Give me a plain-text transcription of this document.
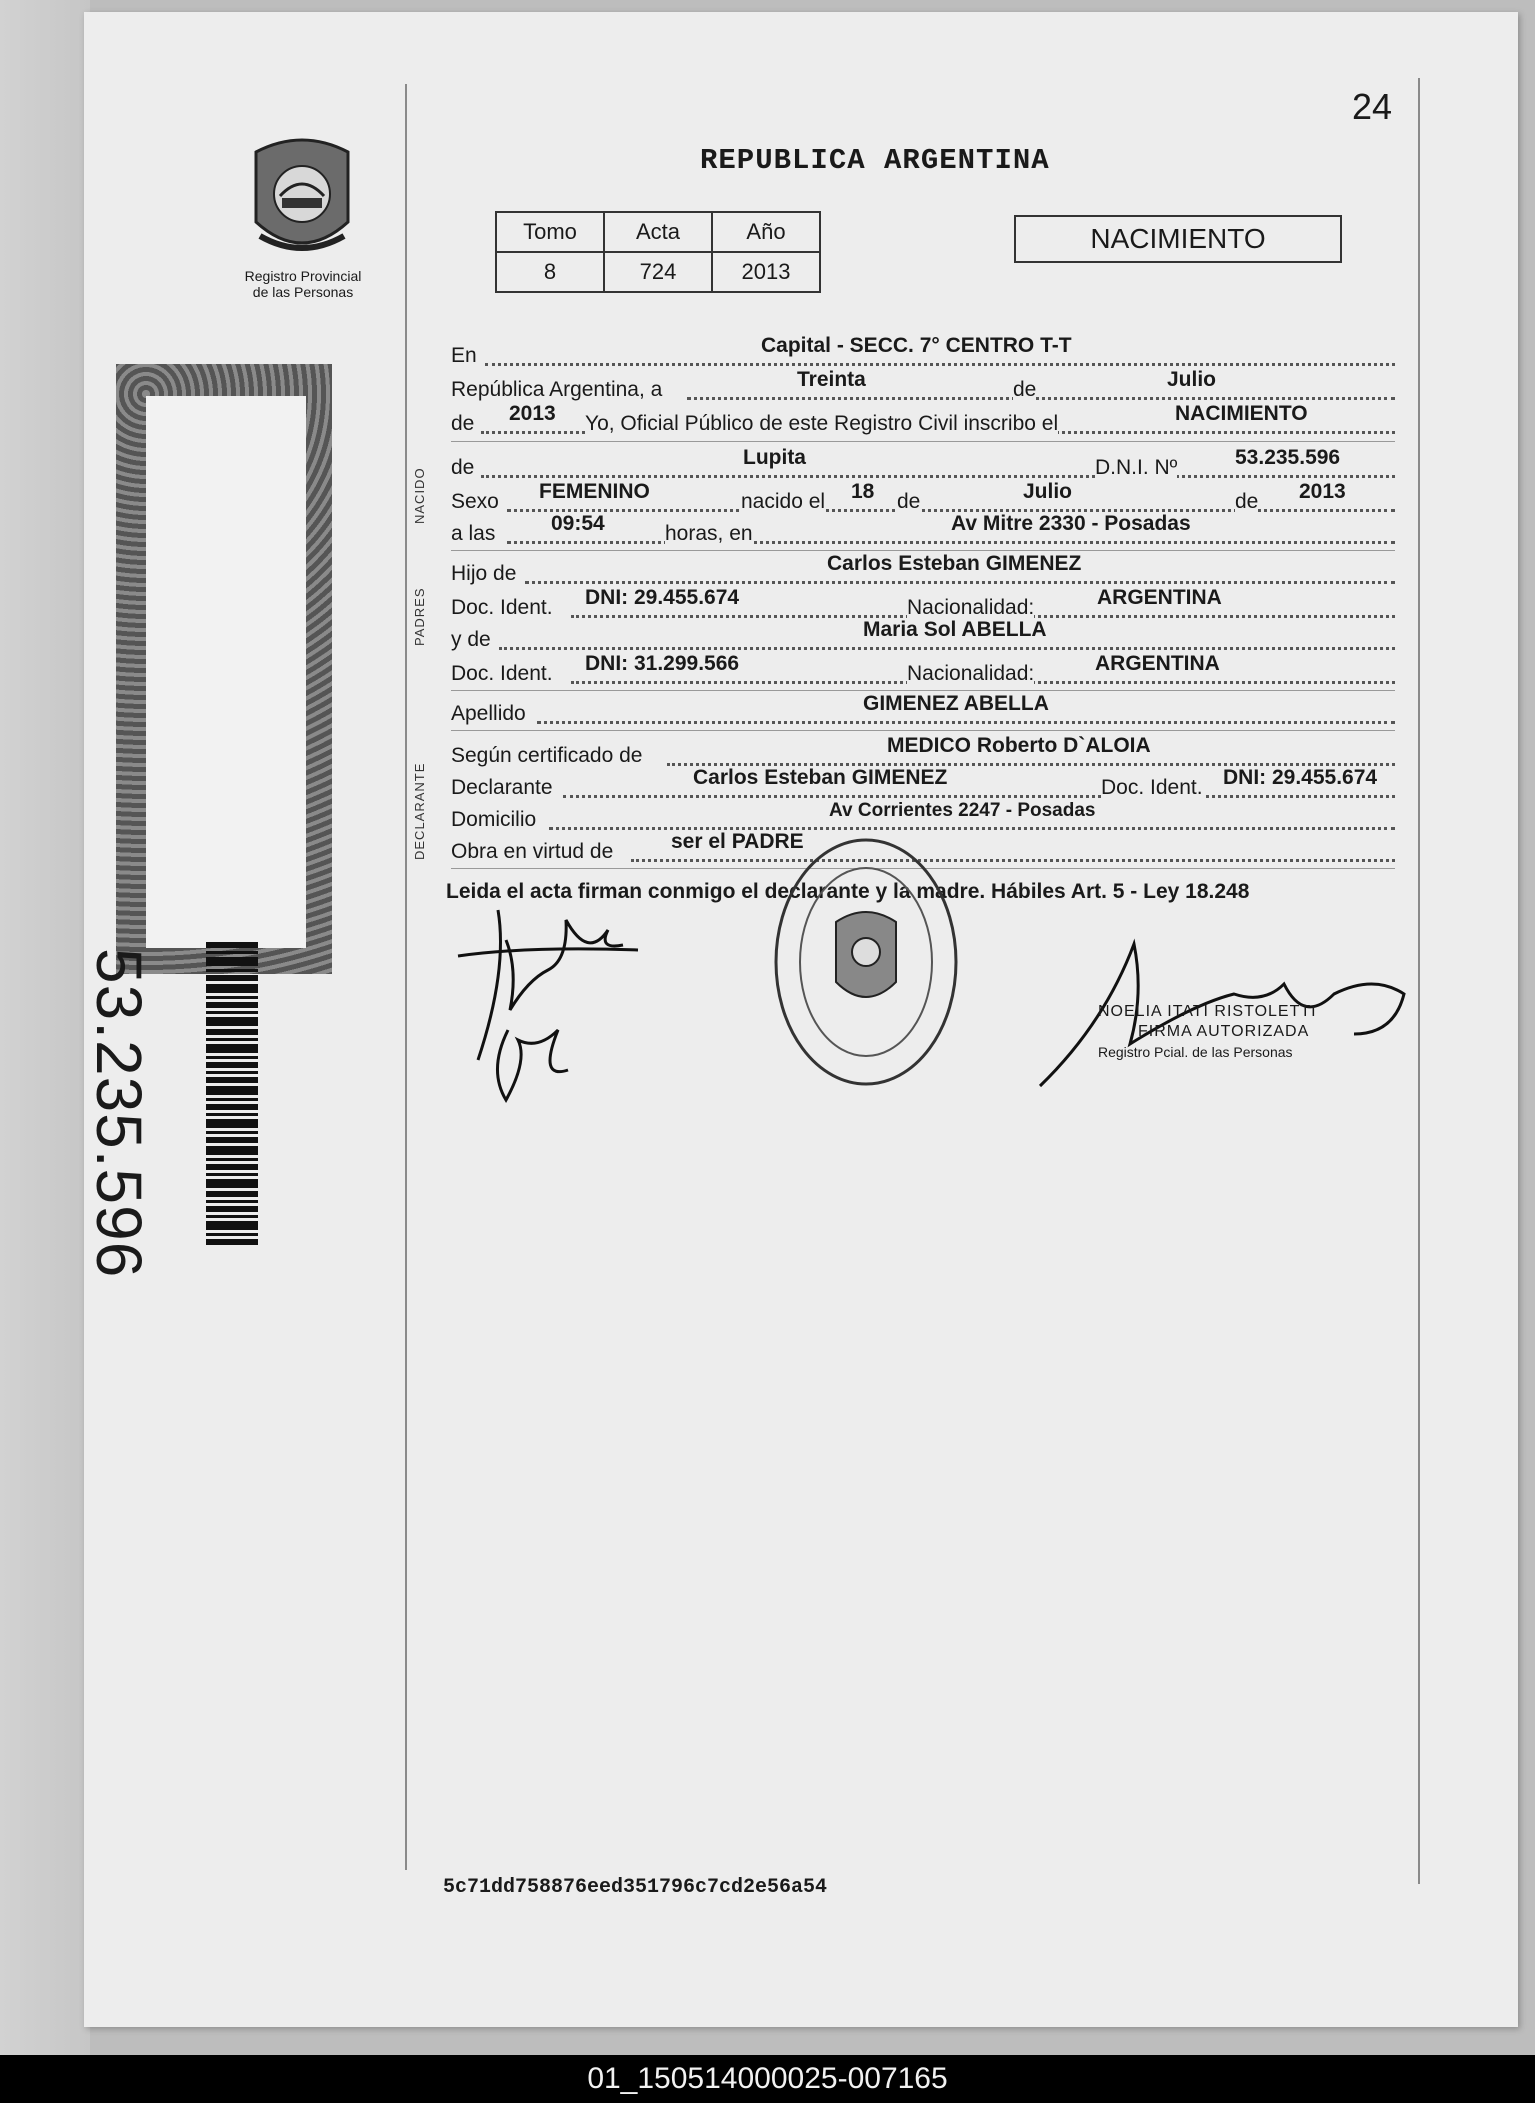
Registro Provincial
de las Personas
53.235.596
24
REPUBLICA ARGENTINA
Tomo	Acta	Año
8	724	2013
NACIMIENTO
NACIDO
PADRES
DECLARANTE
En	Capital - SECC. 7° CENTRO T-T
República Argentina, a	Treinta	de	Julio
de 2013 Yo, Oficial Público de este Registro Civil inscribo el	NACIMIENTO
de	Lupita	D.N.I. Nº	53.235.596
Sexo FEMENINO	nacido el 18 de	Julio	de 2013
a las	09:54	horas, en	Av Mitre 2330 - Posadas
Hijo de	Carlos Esteban GIMENEZ
Doc. Ident. DNI: 29.455.674	Nacionalidad:	ARGENTINA
y de	Maria Sol ABELLA
Doc. Ident. DNI: 31.299.566	Nacionalidad:	ARGENTINA
Apellido	GIMENEZ ABELLA
Según certificado de	MEDICO Roberto D`ALOIA
Declarante	Carlos Esteban GIMENEZ	Doc. Ident. DNI: 29.455.674
Domicilio	Av Corrientes 2247 - Posadas
Obra en virtud de	ser el PADRE
Leida el acta firman conmigo el declarante y la madre. Hábiles Art. 5 - Ley 18.248
NOELIA ITATI RISTOLETTI
FIRMA AUTORIZADA
Registro Pcial. de las Personas
5c71dd758876eed351796c7cd2e56a54
01_150514000025-007165
